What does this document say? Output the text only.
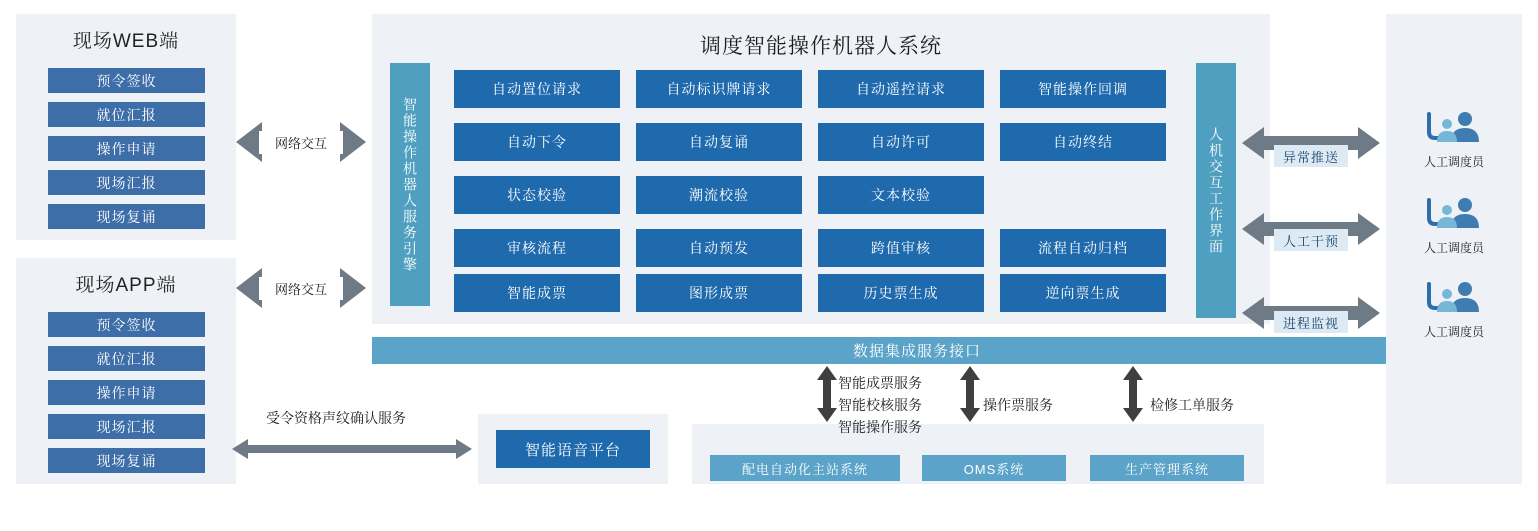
现场WEB端
预令签收
就位汇报
操作申请
现场汇报
现场复诵
现场APP端
预令签收
就位汇报
操作申请
现场汇报
现场复诵
网络交互
网络交互
调度智能操作机器人系统
智能操作机器人服务引擎	人机交互工作界面
自动置位请求	自动标识牌请求	自动遥控请求	智能操作回调
自动下令	自动复诵	自动许可	自动终结
状态校验	潮流校验	文本校验
审核流程	自动预发	跨值审核	流程自动归档
智能成票	图形成票	历史票生成	逆向票生成
数据集成服务接口
异常推送
人工干预
进程监视
人工调度员
人工调度员
人工调度员
配电自动化主站系统	OMS系统	生产管理系统
智能成票服务
智能校核服务
智能操作服务
操作票服务	检修工单服务
智能语音平台
受令资格声纹确认服务
